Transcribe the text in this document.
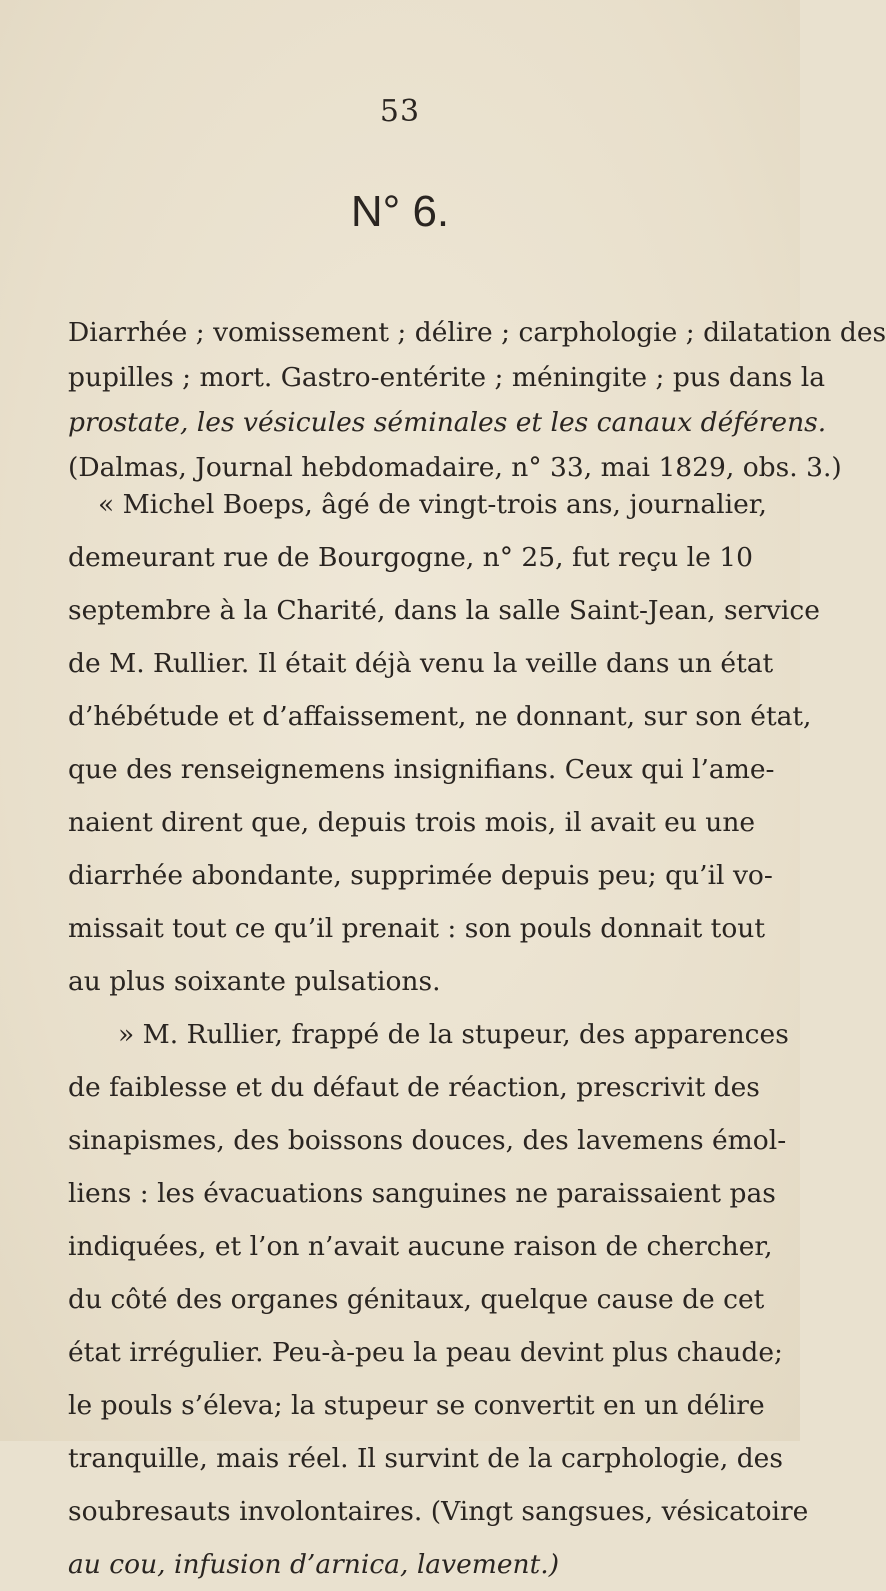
53
N° 6.

Diarrhée ; vomissement ; délire ; carphologie ; dilatation des
pupilles ; mort. Gastro-entérite ; méningite ; pus dans la
prostate, les vésicules séminales et les canaux déférens.
(Dalmas, Journal hebdomadaire, n° 33, mai 1829, obs. 3.)

« Michel Boeps, âgé de vingt-trois ans, journalier,
demeurant rue de Bourgogne, n° 25, fut reçu le 10
septembre à la Charité, dans la salle Saint-Jean, service
de M. Rullier. Il était déjà venu la veille dans un état
d’hébétude et d’affaissement, ne donnant, sur son état,
que des renseignemens insignifians. Ceux qui l’ame-
naient dirent que, depuis trois mois, il avait eu une
diarrhée abondante, supprimée depuis peu; qu’il vo-
missait tout ce qu’il prenait : son pouls donnait tout
au plus soixante pulsations.
» M. Rullier, frappé de la stupeur, des apparences
de faiblesse et du défaut de réaction, prescrivit des
sinapismes, des boissons douces, des lavemens émol-
liens : les évacuations sanguines ne paraissaient pas
indiquées, et l’on n’avait aucune raison de chercher,
du côté des organes génitaux, quelque cause de cet
état irrégulier. Peu-à-peu la peau devint plus chaude;
le pouls s’éleva; la stupeur se convertit en un délire
tranquille, mais réel. Il survint de la carphologie, des
soubresauts involontaires. (Vingt sangsues, vésicatoire
au cou, infusion d’arnica, lavement.)
